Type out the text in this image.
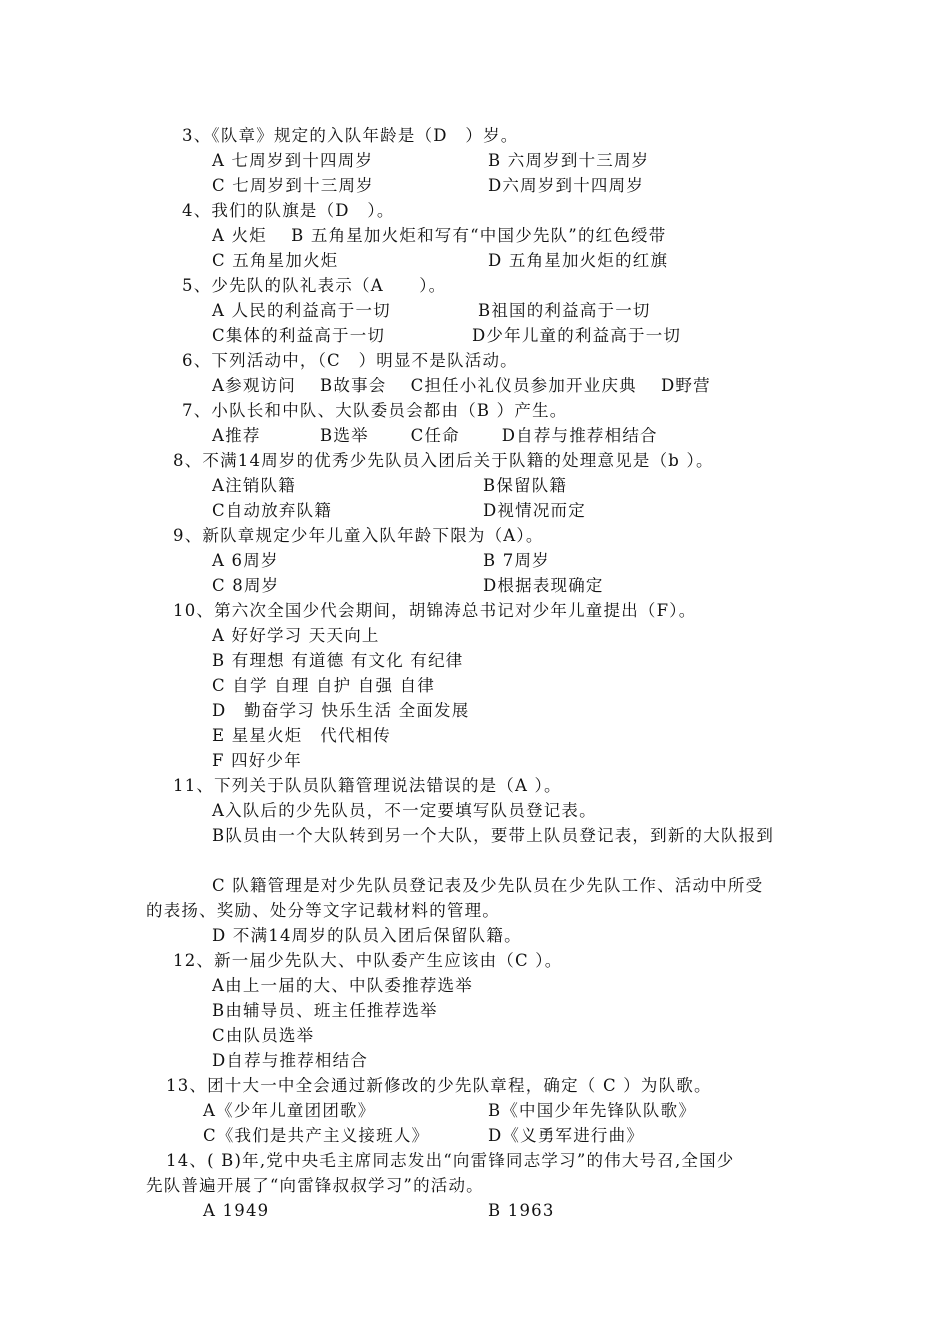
3、《队章》规定的入队年龄是（D　）岁。
A 七周岁到十四周岁	B 六周岁到十三周岁
C 七周岁到十三周岁	D六周岁到十四周岁
4、我们的队旗是（D　）。
A 火炬　 B 五角星加火炬和写有“中国少先队”的红色绶带
C 五角星加火炬	D 五角星加火炬的红旗
5、少先队的队礼表示（A　　）。
A 人民的利益高于一切	B祖国的利益高于一切
C集体的利益高于一切	D少年儿童的利益高于一切
6、下列活动中，（C　）明显不是队活动。
A参观访问　 B故事会　 C担任小礼仪员参加开业庆典　 D野营
7、小队长和中队、大队委员会都由（B ）产生。
A推荐　　　 B选举　　 C任命　　 D自荐与推荐相结合
8、不满14周岁的优秀少先队员入团后关于队籍的处理意见是（b ）。
A注销队籍	B保留队籍
C自动放弃队籍	D视情况而定
9、新队章规定少年儿童入队年龄下限为（A）。
A 6周岁	B 7周岁
C 8周岁	D根据表现确定
10、第六次全国少代会期间，胡锦涛总书记对少年儿童提出（F）。
A 好好学习 天天向上
B 有理想 有道德 有文化 有纪律
C 自学 自理 自护 自强 自律
D　勤奋学习 快乐生活 全面发展
E 星星火炬　代代相传
F 四好少年
11、下列关于队员队籍管理说法错误的是（A ）。
A入队后的少先队员，不一定要填写队员登记表。
B队员由一个大队转到另一个大队，要带上队员登记表，到新的大队报到
C 队籍管理是对少先队员登记表及少先队员在少先队工作、活动中所受
的表扬、奖励、处分等文字记载材料的管理。
D 不满14周岁的队员入团后保留队籍。
12、新一届少先队大、中队委产生应该由（C ）。
A由上一届的大、中队委推荐选举
B由辅导员、班主任推荐选举
C由队员选举
D自荐与推荐相结合
13、团十大一中全会通过新修改的少先队章程，确定（ C ）为队歌。
A《少年儿童团团歌》	B《中国少年先锋队队歌》
C《我们是共产主义接班人》	D《义勇军进行曲》
14、( B)年,党中央毛主席同志发出“向雷锋同志学习”的伟大号召,全国少
先队普遍开展了“向雷锋叔叔学习”的活动。
A 1949	B 1963
